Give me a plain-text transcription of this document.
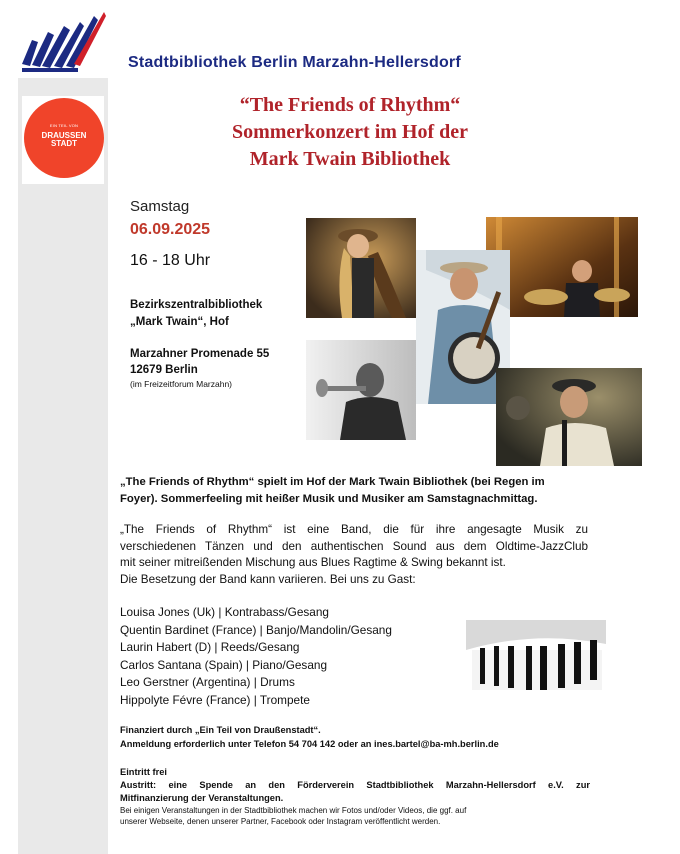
Stadtbibliothek Berlin Marzahn-Hellersdorf
EIN TEIL VON
DRAUSSEN
STADT
“The Friends of Rhythm“
Sommerkonzert im Hof der
Mark Twain Bibliothek
Samstag
06.09.2025
16 - 18 Uhr
Bezirkszentralbibliothek
„Mark Twain“, Hof
Marzahner Promenade 55
12679 Berlin
(im Freizeitforum Marzahn)
„The Friends of Rhythm“ spielt im Hof der Mark Twain Bibliothek (bei Regen im
Foyer). Sommerfeeling mit heißer Musik und Musiker am Samstagnachmittag.
„The Friends of Rhythm“ ist eine Band, die für ihre angesagte Musik zu
verschiedenen Tänzen und den authentischen Sound aus dem Oldtime-JazzClub
mit seiner mitreißenden Mischung aus Blues Ragtime & Swing bekannt ist.
Die Besetzung der Band kann variieren. Bei uns zu Gast:
Louisa Jones (Uk) | Kontrabass/Gesang
Quentin Bardinet (France) | Banjo/Mandolin/Gesang
Laurin Habert (D) | Reeds/Gesang
Carlos Santana (Spain) | Piano/Gesang
Leo Gerstner (Argentina) | Drums
Hippolyte Févre (France) | Trompete
Finanziert durch „Ein Teil von Draußenstadt“.
Anmeldung erforderlich unter Telefon 54 704 142 oder an ines.bartel@ba-mh.berlin.de
Eintritt frei
Austritt: eine Spende an den Förderverein Stadtbibliothek Marzahn-Hellersdorf e.V. zur
Mitfinanzierung der Veranstaltungen.
Bei einigen Veranstaltungen in der Stadtbibliothek machen wir Fotos und/oder Videos, die ggf. auf
unserer Webseite, denen unserer Partner, Facebook oder Instagram veröffentlicht werden.
